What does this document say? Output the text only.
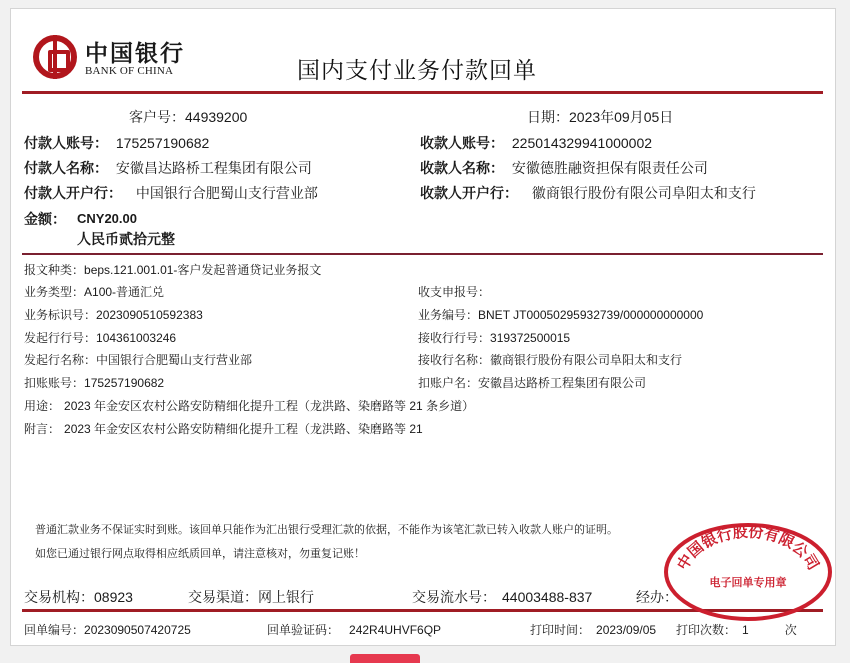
中国银行
BANK OF CHINA	国内支付业务付款回单
客户号：44939200	日期：2023年09月05日
付款人账号： 175257190682	收款人账号： 225014329941000002
付款人名称： 安徽昌达路桥工程集团有限公司	收款人名称： 安徽德胜融资担保有限责任公司
付款人开户行： 中国银行合肥蜀山支行营业部	收款人开户行： 徽商银行股份有限公司阜阳太和支行
金额： CNY20.00
人民币贰拾元整
报文种类：beps.121.001.01-客户发起普通贷记业务报文
业务类型：A100-普通汇兑	收支申报号：
业务标识号：2023090510592383	业务编号：BNET JT00050295932739/000000000000
发起行行号：104361003246	接收行行号：319372500015
发起行名称：中国银行合肥蜀山支行营业部	接收行名称：徽商银行股份有限公司阜阳太和支行
扣账账号：175257190682	扣账户名：安徽昌达路桥工程集团有限公司
用途： 2023 年金安区农村公路安防精细化提升工程（龙洪路、染磨路等 21 条乡道）
附言： 2023 年金安区农村公路安防精细化提升工程（龙洪路、染磨路等 21
普通汇款业务不保证实时到账。该回单只能作为汇出银行受理汇款的依据，不能作为该笔汇款已转入收款人账户的证明。
如您已通过银行网点取得相应纸质回单，请注意核对，勿重复记账！
交易机构：08923	交易渠道：网上银行	交易流水号： 44003488-837	经办：
回单编号：2023090507420725	回单验证码： 242R4UHVF6QP	打印时间： 2023/09/05 打印次数： 1	次
中国银行股份有限公司
电子回单专用章
